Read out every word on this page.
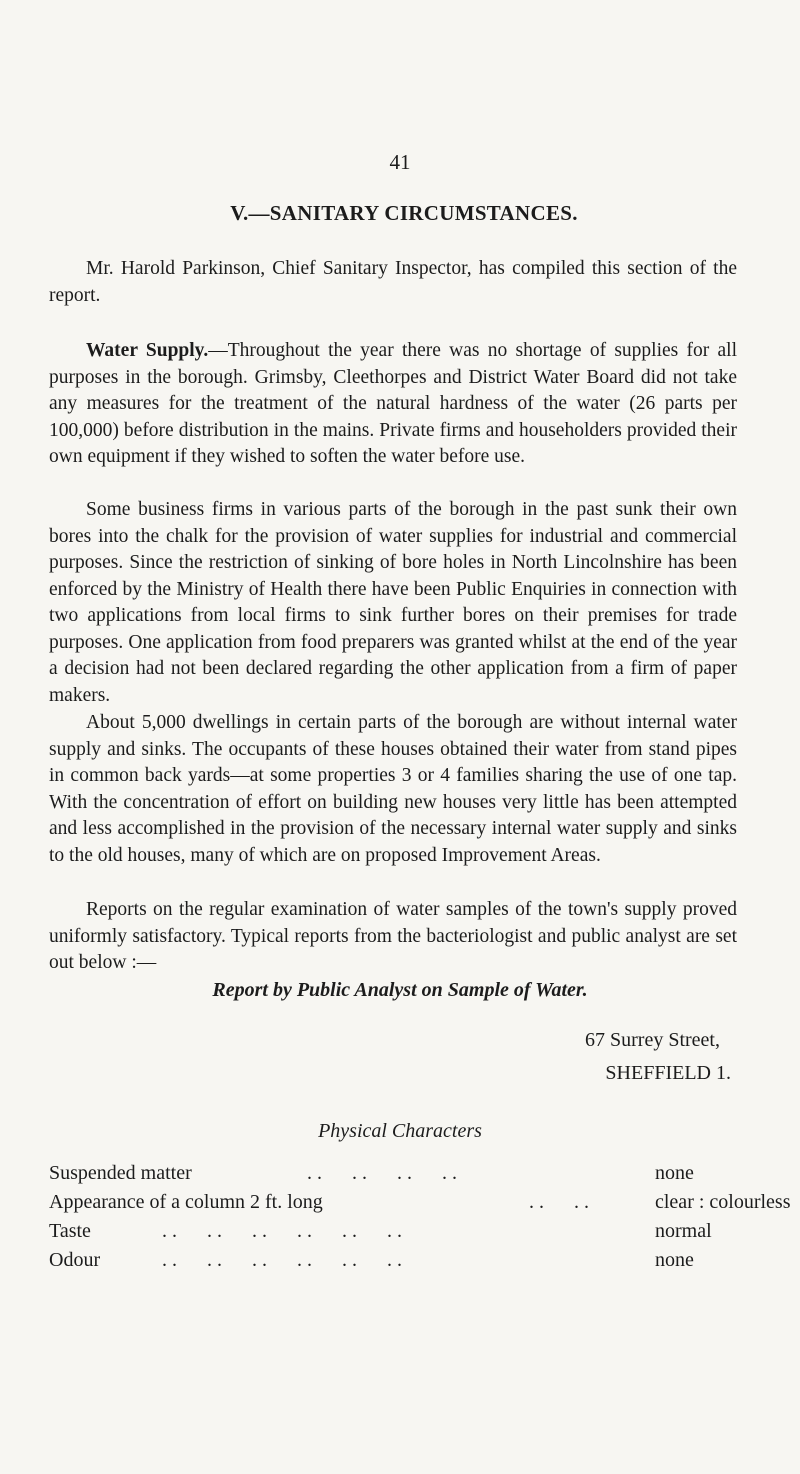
41
V.—SANITARY CIRCUMSTANCES.

Mr. Harold Parkinson, Chief Sanitary Inspector, has compiled this section of the report.

Water Supply.—Throughout the year there was no shortage of supplies for all purposes in the borough. Grimsby, Cleethorpes and District Water Board did not take any measures for the treatment of the natural hardness of the water (26 parts per 100,000) before distribution in the mains. Private firms and householders provided their own equipment if they wished to soften the water before use.

Some business firms in various parts of the borough in the past sunk their own bores into the chalk for the provision of water supplies for industrial and commercial purposes. Since the restriction of sinking of bore holes in North Lincolnshire has been enforced by the Ministry of Health there have been Public Enquiries in connection with two applications from local firms to sink further bores on their premises for trade purposes. One application from food preparers was granted whilst at the end of the year a decision had not been declared regarding the other application from a firm of paper makers.

About 5,000 dwellings in certain parts of the borough are without internal water supply and sinks. The occupants of these houses obtained their water from stand pipes in common back yards—at some properties 3 or 4 families sharing the use of one tap. With the concentration of effort on building new houses very little has been attempted and less accomplished in the provision of the necessary internal water supply and sinks to the old houses, many of which are on proposed Improvement Areas.

Reports on the regular examination of water samples of the town's supply proved uniformly satisfactory. Typical reports from the bacteriologist and public analyst are set out below :—

Report by Public Analyst on Sample of Water.
67 Surrey Street,
SHEFFIELD 1.
Physical Characters
Suspended matter	. .      . .      . .      . .	none
Appearance of a column 2 ft. long	. .      . .	clear : colourless
Taste	. .      . .      . .      . .      . .      . .	normal
Odour	. .      . .      . .      . .      . .      . .	none
